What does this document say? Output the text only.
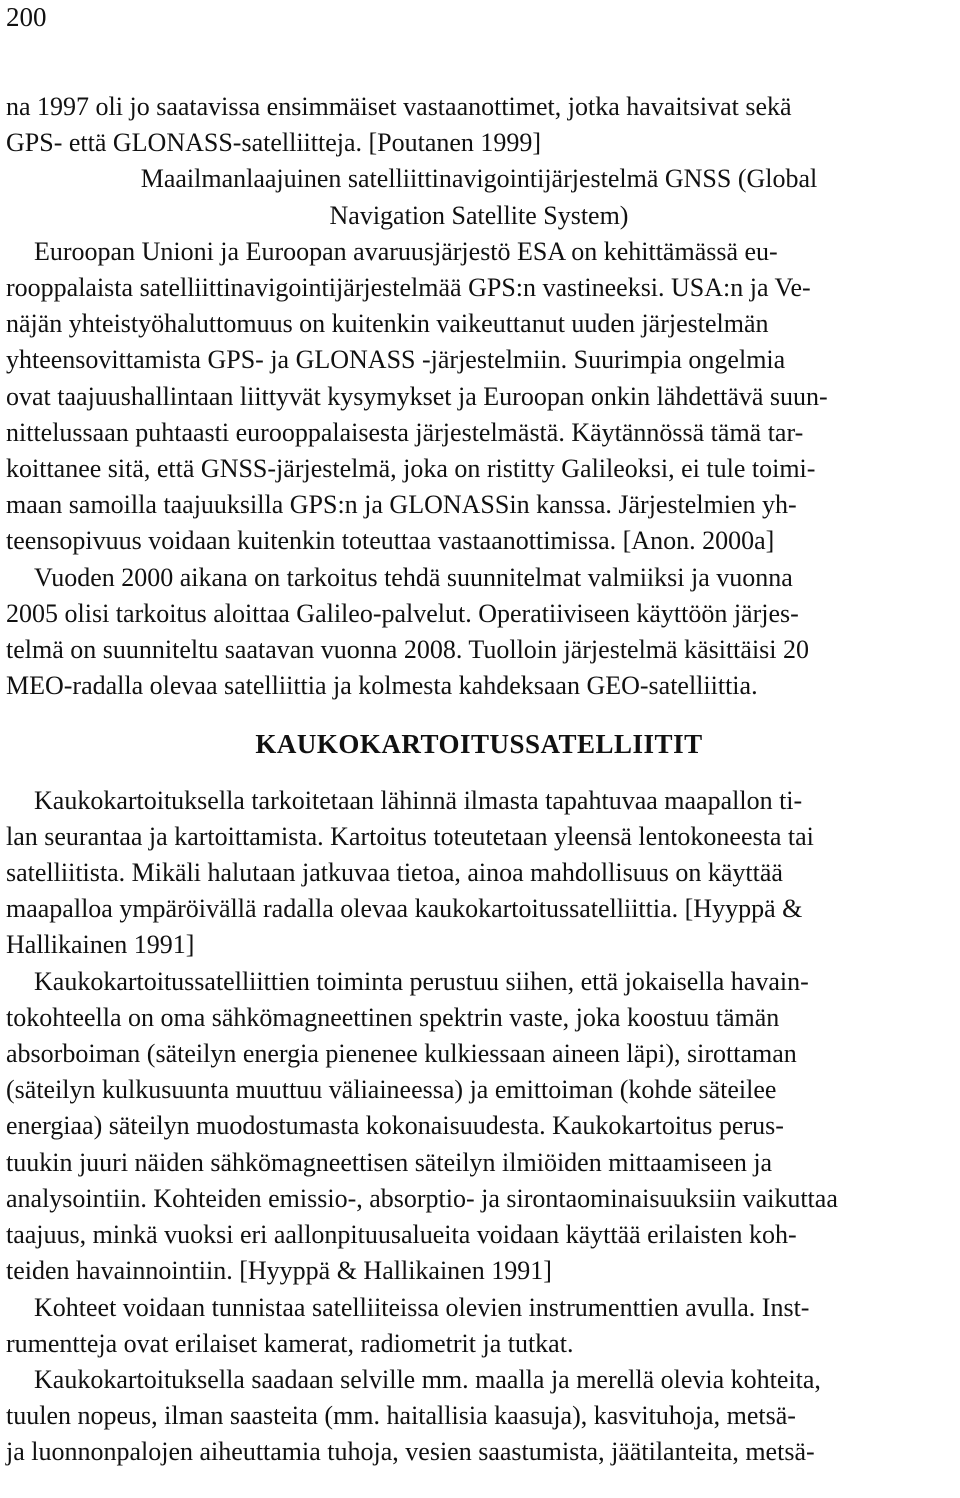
200

na 1997 oli jo saatavissa ensimmäiset vastaanottimet, jotka havaitsivat sekä
GPS- että GLONASS-satelliitteja. [Poutanen 1999]

Maailmanlaajuinen satelliittinavigointijärjestelmä GNSS (Global
Navigation Satellite System)

Euroopan Unioni ja Euroopan avaruusjärjestö ESA on kehittämässä eu-
rooppalaista satelliittinavigointijärjestelmää GPS:n vastineeksi. USA:n ja Ve-
näjän yhteistyöhaluttomuus on kuitenkin vaikeuttanut uuden järjestelmän
yhteensovittamista GPS- ja GLONASS -järjestelmiin. Suurimpia ongelmia
ovat taajuushallintaan liittyvät kysymykset ja Euroopan onkin lähdettävä suun-
nittelussaan puhtaasti eurooppalaisesta järjestelmästä. Käytännössä tämä tar-
koittanee sitä, että GNSS-järjestelmä, joka on ristitty Galileoksi, ei tule toimi-
maan samoilla taajuuksilla GPS:n ja GLONASSin kanssa. Järjestelmien yh-
teensopivuus voidaan kuitenkin toteuttaa vastaanottimissa. [Anon. 2000a]

Vuoden 2000 aikana on tarkoitus tehdä suunnitelmat valmiiksi ja vuonna
2005 olisi tarkoitus aloittaa Galileo-palvelut. Operatiiviseen käyttöön järjes-
telmä on suunniteltu saatavan vuonna 2008. Tuolloin järjestelmä käsittäisi 20
MEO-radalla olevaa satelliittia ja kolmesta kahdeksaan GEO-satelliittia.

KAUKOKARTOITUSSATELLIITIT

Kaukokartoituksella tarkoitetaan lähinnä ilmasta tapahtuvaa maapallon ti-
lan seurantaa ja kartoittamista. Kartoitus toteutetaan yleensä lentokoneesta tai
satelliitista. Mikäli halutaan jatkuvaa tietoa, ainoa mahdollisuus on käyttää
maapalloa ympäröivällä radalla olevaa kaukokartoitussatelliittia. [Hyyppä &
Hallikainen 1991]

Kaukokartoitussatelliittien toiminta perustuu siihen, että jokaisella havain-
tokohteella on oma sähkömagneettinen spektrin vaste, joka koostuu tämän
absorboiman (säteilyn energia pienenee kulkiessaan aineen läpi), sirottaman
(säteilyn kulkusuunta muuttuu väliaineessa) ja emittoiman (kohde säteilee
energiaa) säteilyn muodostumasta kokonaisuudesta. Kaukokartoitus perus-
tuukin juuri näiden sähkömagneettisen säteilyn ilmiöiden mittaamiseen ja
analysointiin. Kohteiden emissio-, absorptio- ja sirontaominaisuuksiin vaikuttaa
taajuus, minkä vuoksi eri aallonpituusalueita voidaan käyttää erilaisten koh-
teiden havainnointiin. [Hyyppä & Hallikainen 1991]

Kohteet voidaan tunnistaa satelliiteissa olevien instrumenttien avulla. Inst-
rumentteja ovat erilaiset kamerat, radiometrit ja tutkat.

Kaukokartoituksella saadaan selville mm. maalla ja merellä olevia kohteita,
tuulen nopeus, ilman saasteita (mm. haitallisia kaasuja), kasvituhoja, metsä-
ja luonnonpalojen aiheuttamia tuhoja, vesien saastumista, jäätilanteita, metsä-
